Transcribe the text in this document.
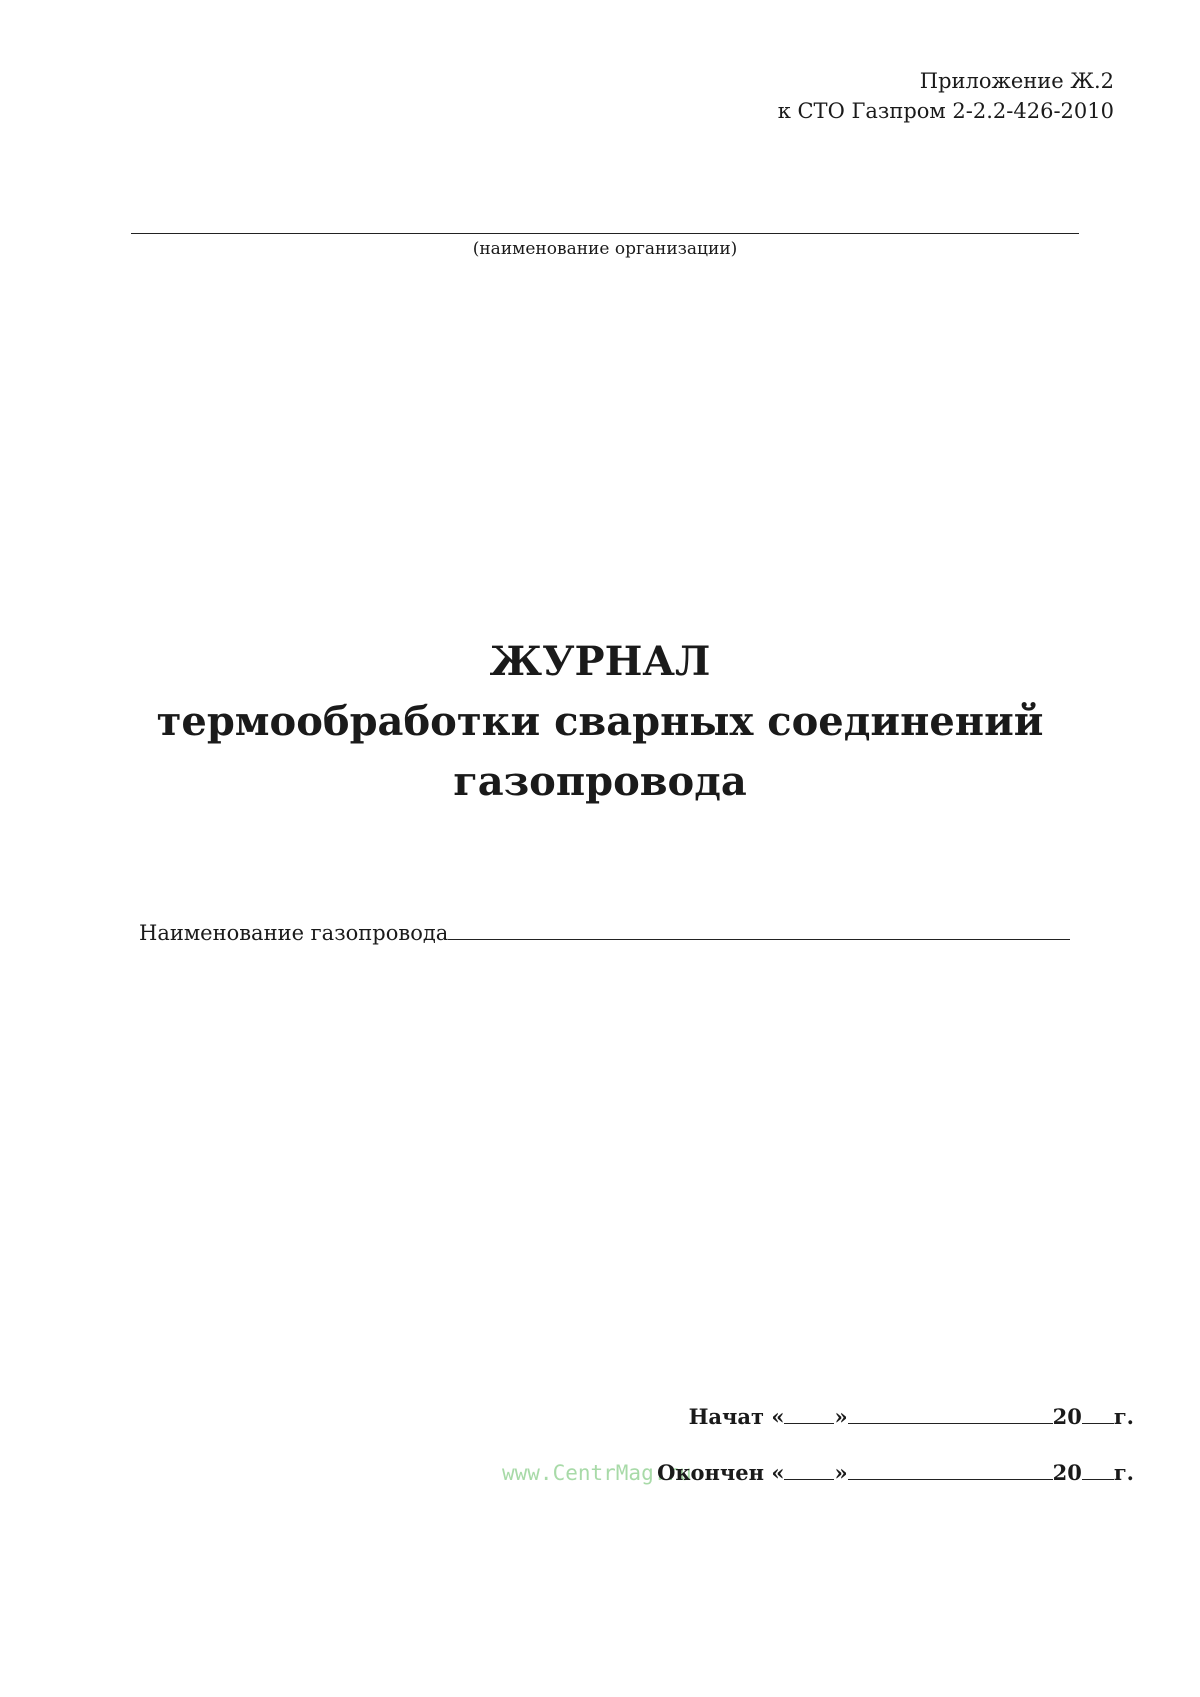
Приложение Ж.2
к СТО Газпром 2-2.2-426-2010
(наименование организации)
ЖУРНАЛ
термообработки сварных соединений
газопровода
Наименование газопровода
www.CentrMag.ru
Начат « »	20 г.
Окончен « »	20 г.
